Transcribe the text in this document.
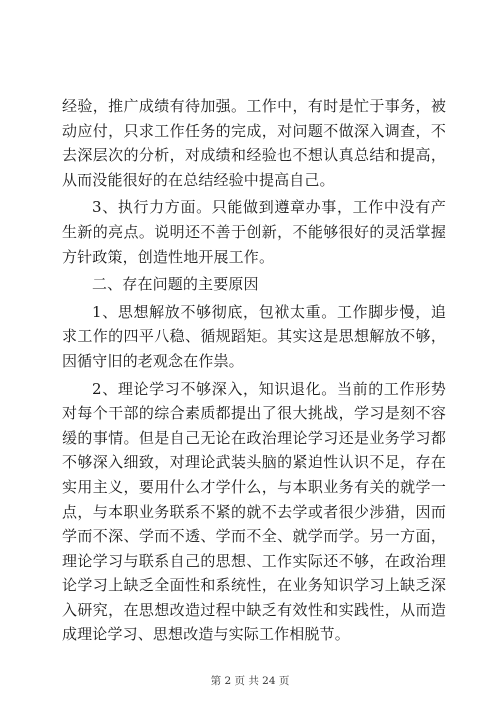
经验，推广成绩有待加强。工作中，有时是忙于事务，被动应付，只求工作任务的完成，对问题不做深入调查，不去深层次的分析，对成绩和经验也不想认真总结和提高，从而没能很好的在总结经验中提高自己。

3、执行力方面。只能做到遵章办事，工作中没有产生新的亮点。说明还不善于创新，不能够很好的灵活掌握方针政策，创造性地开展工作。

二、存在问题的主要原因

1、思想解放不够彻底，包袱太重。工作脚步慢，追求工作的四平八稳、循规蹈矩。其实这是思想解放不够，因循守旧的老观念在作祟。

2、理论学习不够深入，知识退化。当前的工作形势对每个干部的综合素质都提出了很大挑战，学习是刻不容缓的事情。但是自己无论在政治理论学习还是业务学习都不够深入细致，对理论武装头脑的紧迫性认识不足，存在实用主义，要用什么才学什么，与本职业务有关的就学一点，与本职业务联系不紧的就不去学或者很少涉猎，因而学而不深、学而不透、学而不全、就学而学。另一方面，理论学习与联系自己的思想、工作实际还不够，在政治理论学习上缺乏全面性和系统性，在业务知识学习上缺乏深入研究，在思想改造过程中缺乏有效性和实践性，从而造成理论学习、思想改造与实际工作相脱节。

第 2 页 共 24 页
